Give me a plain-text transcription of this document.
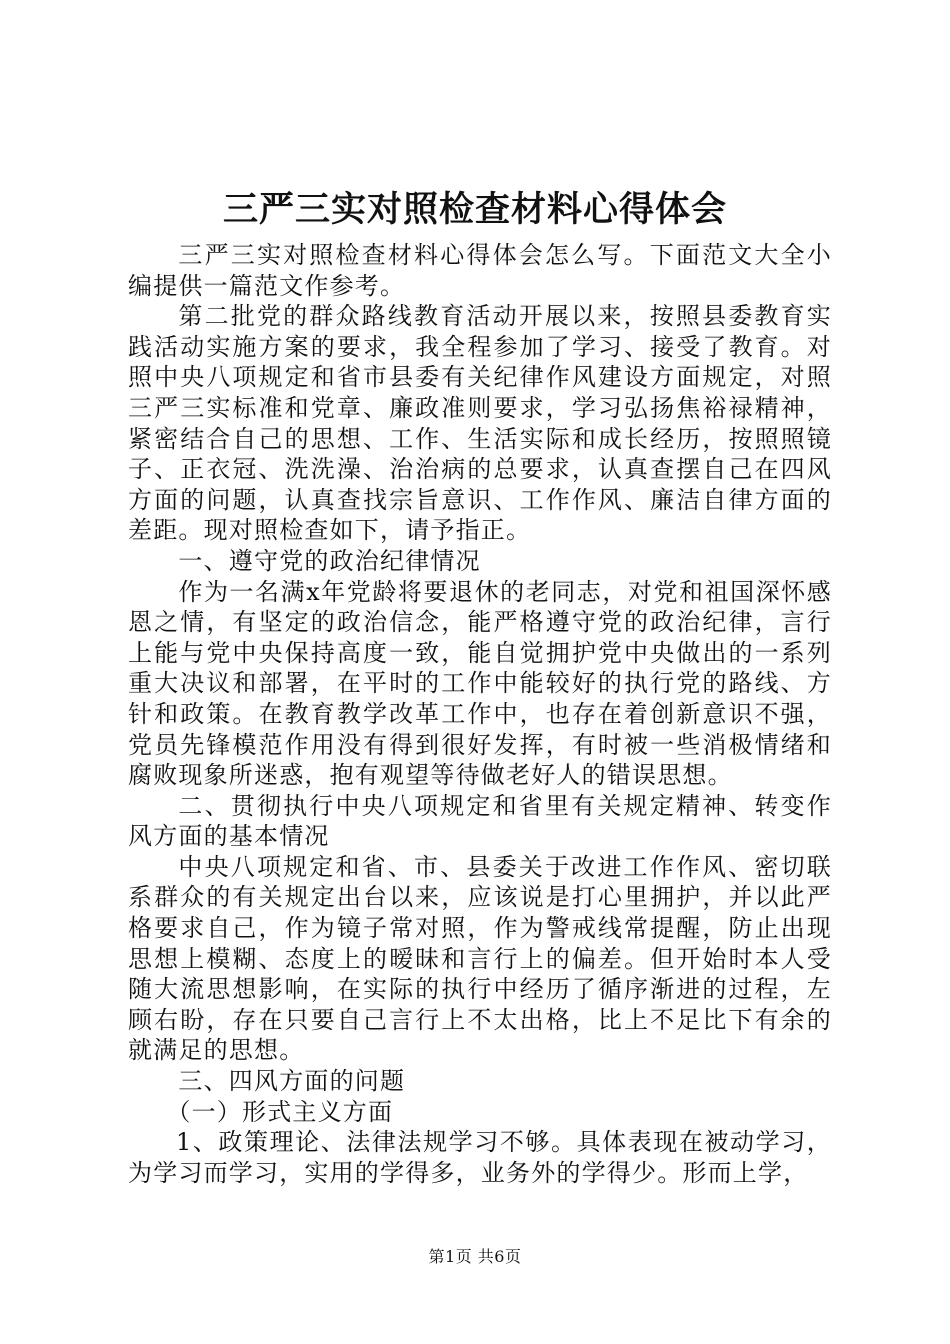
三严三实对照检查材料心得体会

三严三实对照检查材料心得体会怎么写。下面范文大全小编提供一篇范文作参考。

第二批党的群众路线教育活动开展以来，按照县委教育实践活动实施方案的要求，我全程参加了学习、接受了教育。对照中央八项规定和省市县委有关纪律作风建设方面规定，对照三严三实标准和党章、廉政准则要求，学习弘扬焦裕禄精神，紧密结合自己的思想、工作、生活实际和成长经历，按照照镜子、正衣冠、洗洗澡、治治病的总要求，认真查摆自己在四风方面的问题，认真查找宗旨意识、工作作风、廉洁自律方面的差距。现对照检查如下，请予指正。

一、遵守党的政治纪律情况

作为一名满x年党龄将要退休的老同志，对党和祖国深怀感恩之情，有坚定的政治信念，能严格遵守党的政治纪律，言行上能与党中央保持高度一致，能自觉拥护党中央做出的一系列重大决议和部署，在平时的工作中能较好的执行党的路线、方针和政策。在教育教学改革工作中，也存在着创新意识不强，党员先锋模范作用没有得到很好发挥，有时被一些消极情绪和腐败现象所迷惑，抱有观望等待做老好人的错误思想。

二、贯彻执行中央八项规定和省里有关规定精神、转变作风方面的基本情况

中央八项规定和省、市、县委关于改进工作作风、密切联系群众的有关规定出台以来，应该说是打心里拥护，并以此严格要求自己，作为镜子常对照，作为警戒线常提醒，防止出现思想上模糊、态度上的暧昧和言行上的偏差。但开始时本人受随大流思想影响，在实际的执行中经历了循序渐进的过程，左顾右盼，存在只要自己言行上不太出格，比上不足比下有余的就满足的思想。

三、四风方面的问题

（一）形式主义方面

1、政策理论、法律法规学习不够。具体表现在被动学习，为学习而学习，实用的学得多，业务外的学得少。形而上学，

第1页 共6页
